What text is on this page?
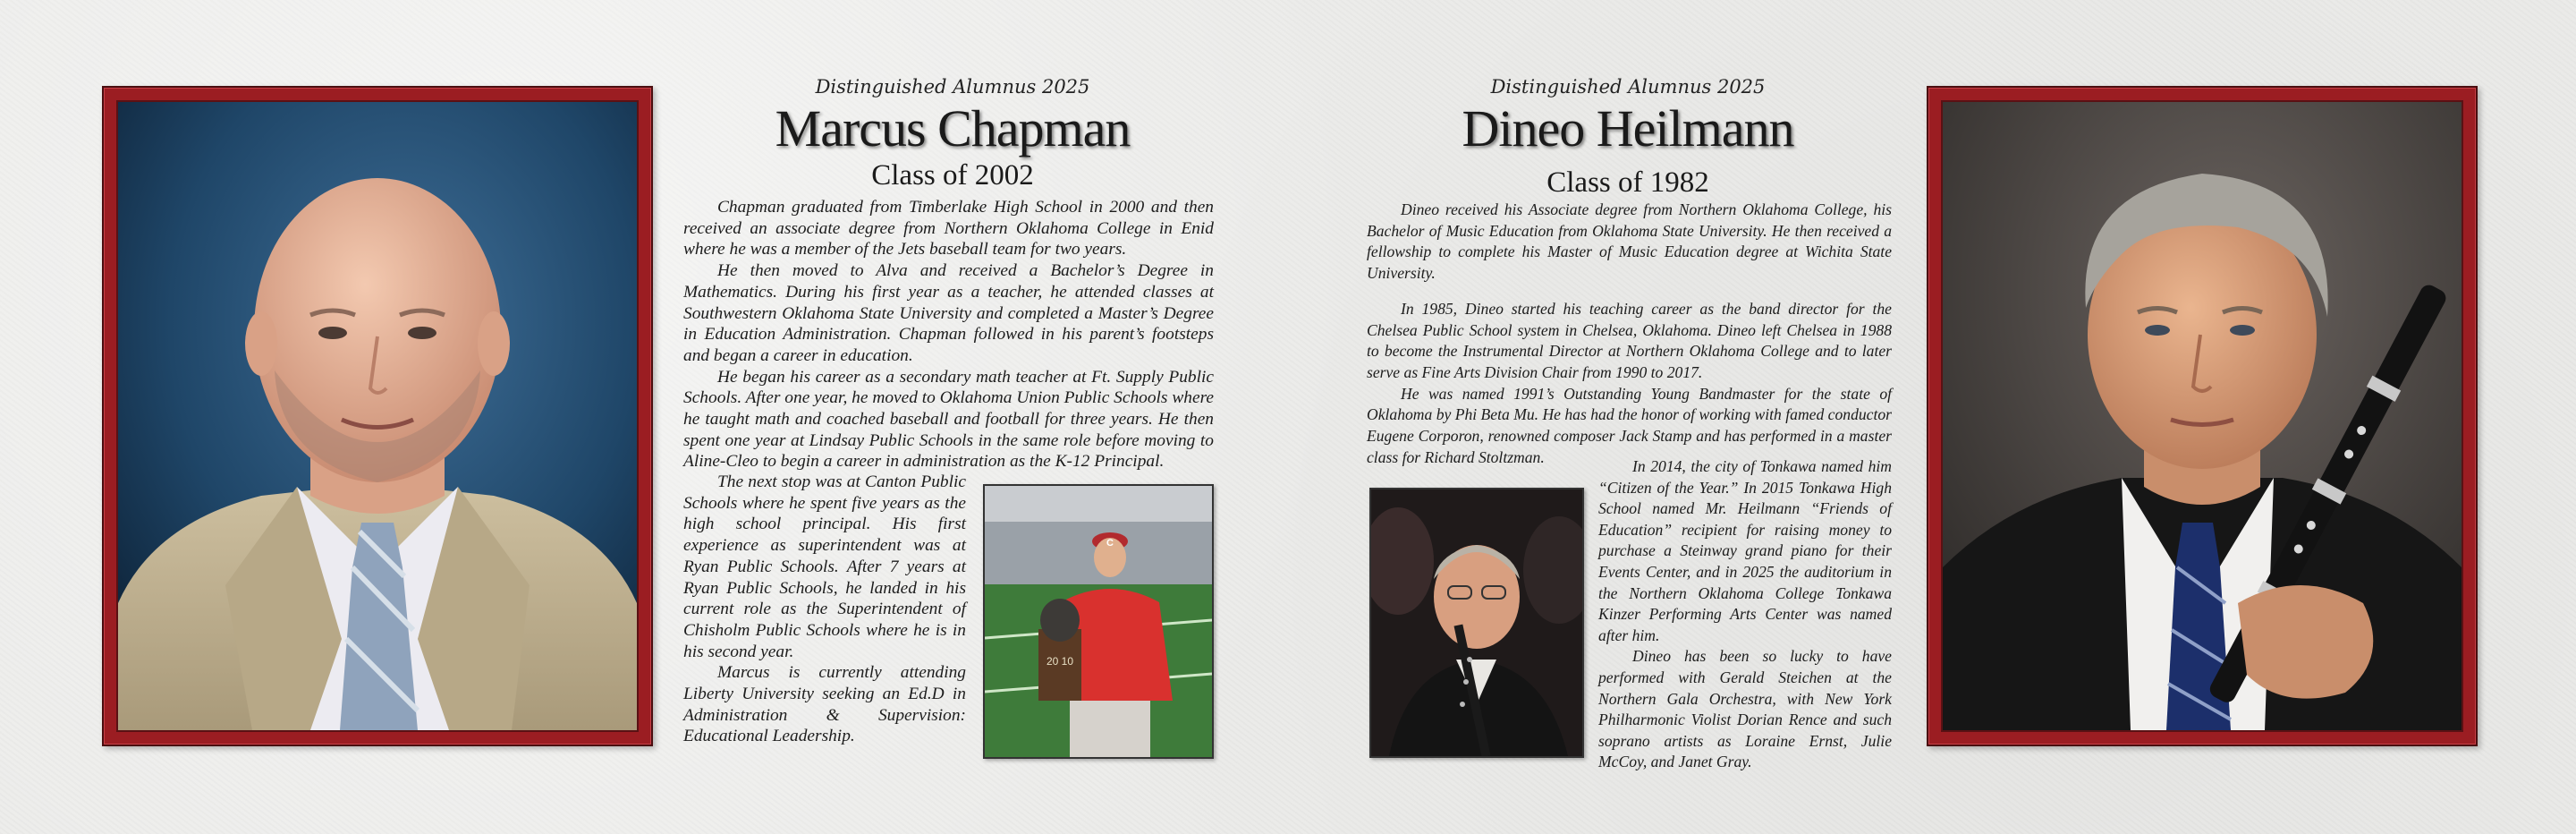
Distinguished Alumnus 2025
Marcus Chapman
Class of 2002

Chapman graduated from Timberlake High School in 2000 and then received an associate degree from Northern Oklahoma College in Enid where he was a member of the Jets baseball team for two years.

He then moved to Alva and received a Bachelor’s Degree in Mathematics. During his first year as a teacher, he attended classes at Southwestern Oklahoma State University and completed a Master’s Degree in Education Administration. Chapman followed in his parent’s footsteps and began a career in education.

He began his career as a secondary math teacher at Ft. Supply Public Schools. After one year, he moved to Oklahoma Union Public Schools where he taught math and coached baseball and football for three years. He then spent one year at Lindsay Public Schools in the same role before moving to Aline-Cleo to begin a career in administration as the K-12 Principal.

The next stop was at Canton Public Schools where he spent five years as the high school principal. His first experience as superintendent was at Ryan Public Schools. After 7 years at Ryan Public Schools, he landed in his current role as the Superintendent of Chisholm Public Schools where he is in his second year.

Marcus is currently attending Liberty University seeking an Ed.D in Administration & Supervision: Educational Leadership.

20 10
C
Distinguished Alumnus 2025
Dineo Heilmann
Class of 1982

Dineo received his Associate degree from Northern Oklahoma College, his Bachelor of Music Education from Oklahoma State University. He then received a fellowship to complete his Master of Music Education degree at Wichita State University.

In 1985, Dineo started his teaching career as the band director for the Chelsea Public School system in Chelsea, Oklahoma. Dineo left Chelsea in 1988 to become the Instrumental Director at Northern Oklahoma College and to later serve as Fine Arts Division Chair from 1990 to 2017.

He was named 1991’s Outstanding Young Bandmaster for the state of Oklahoma by Phi Beta Mu. He has had the honor of working with famed conductor Eugene Corporon, renowned composer Jack Stamp and has performed in a master class for Richard Stoltzman.

In 2014, the city of Tonkawa named him “Citizen of the Year.” In 2015 Tonkawa High School named Mr. Heilmann “Friends of Education” recipient for raising money to purchase a Steinway grand piano for their Events Center, and in 2025 the auditorium in the Northern Oklahoma College Tonkawa Kinzer Performing Arts Center was named after him.

Dineo has been so lucky to have performed with Gerald Steichen at the Northern Gala Orchestra, with New York Philharmonic Violist Dorian Rence and such soprano artists as Loraine Ernst, Julie McCoy, and Janet Gray.
